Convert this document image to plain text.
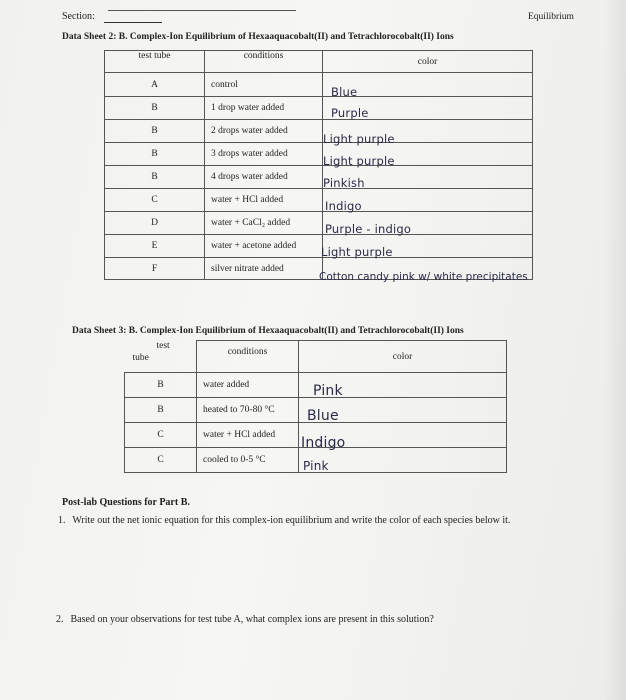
Section:	Equilibrium
Data Sheet 2: B. Complex-Ion Equilibrium of Hexaaquacobalt(II) and Tetrachlorocobalt(II) Ions
test tube	conditions	color
A	control	Blue
B	1 drop water added	Purple
B	2 drops water added	Light purple
B	3 drops water added	Light purple
B	4 drops water added	Pinkish
C	water + HCl added	Indigo
D	water + CaCl₂ added	Purple - indigo
E	water + acetone added	Light purple
F	silver nitrate added	Cotton candy pink w/ white precipitates
Data Sheet 3: B. Complex-Ion Equilibrium of Hexaaquacobalt(II) and Tetrachlorocobalt(II) Ions
test
tube	conditions	color
B	water added	Pink
B	heated to 70-80 °C	Blue
C	water + HCl added	Indigo
C	cooled to 0-5 °C	Pink
Post-lab Questions for Part B.
1. Write out the net ionic equation for this complex-ion equilibrium and write the color of each species below it.
2. Based on your observations for test tube A, what complex ions are present in this solution?
